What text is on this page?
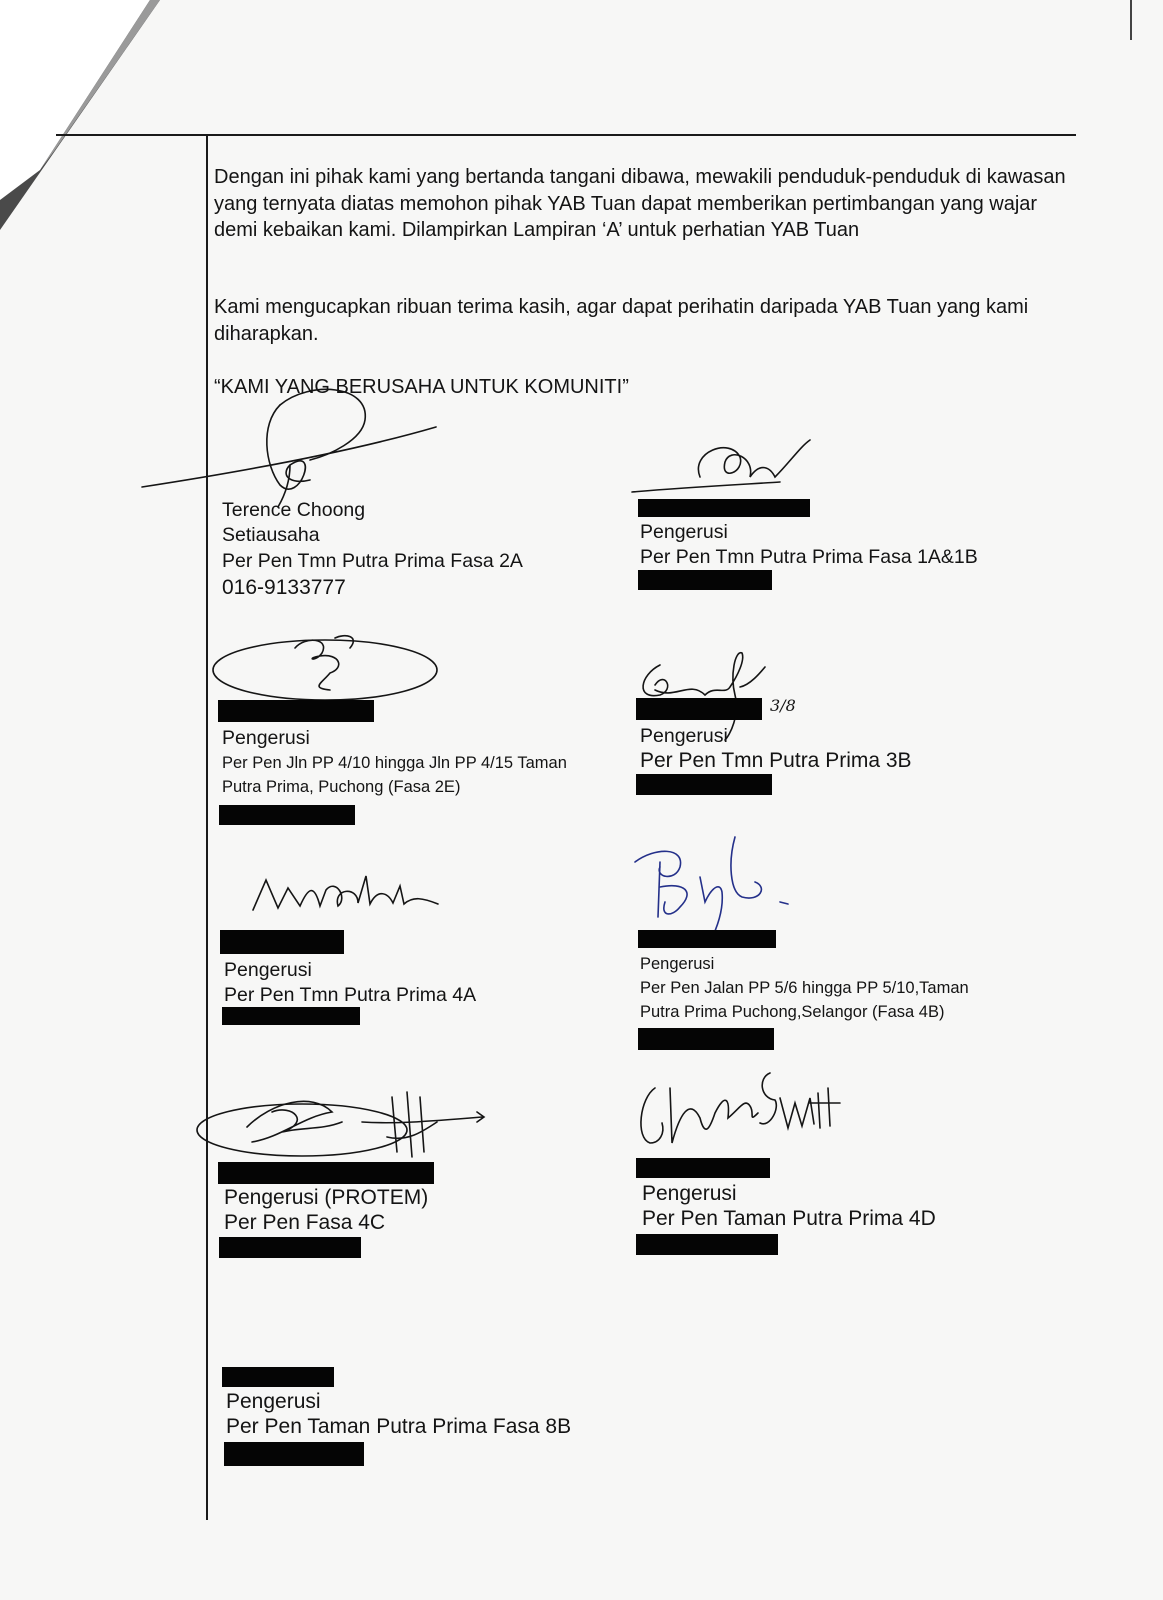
Dengan ini pihak kami yang bertanda tangani dibawa, mewakili penduduk-penduduk di kawasan yang ternyata diatas memohon pihak YAB Tuan dapat memberikan pertimbangan yang wajar demi kebaikan kami. Dilampirkan Lampiran ‘A’ untuk perhatian YAB Tuan

Kami mengucapkan ribuan terima kasih, agar dapat perihatin daripada YAB Tuan yang kami diharapkan.

“KAMI YANG BERUSAHA UNTUK KOMUNITI”

Terence Choong
Setiausaha
Per Pen Tmn Putra Prima Fasa 2A
016-9133777
Pengerusi
Per Pen Tmn Putra Prima Fasa 1A&1B
Pengerusi
Per Pen Jln PP 4/10 hingga Jln PP 4/15 Taman
Putra Prima, Puchong (Fasa 2E)
3/8
Pengerusi
Per Pen Tmn Putra Prima 3B
Pengerusi
Per Pen Tmn Putra Prima 4A
Pengerusi
Per Pen Jalan PP 5/6 hingga PP 5/10,Taman
Putra Prima Puchong,Selangor (Fasa 4B)
Pengerusi (PROTEM)
Per Pen Fasa 4C
Pengerusi
Per Pen Taman Putra Prima 4D
Pengerusi
Per Pen Taman Putra Prima Fasa 8B
